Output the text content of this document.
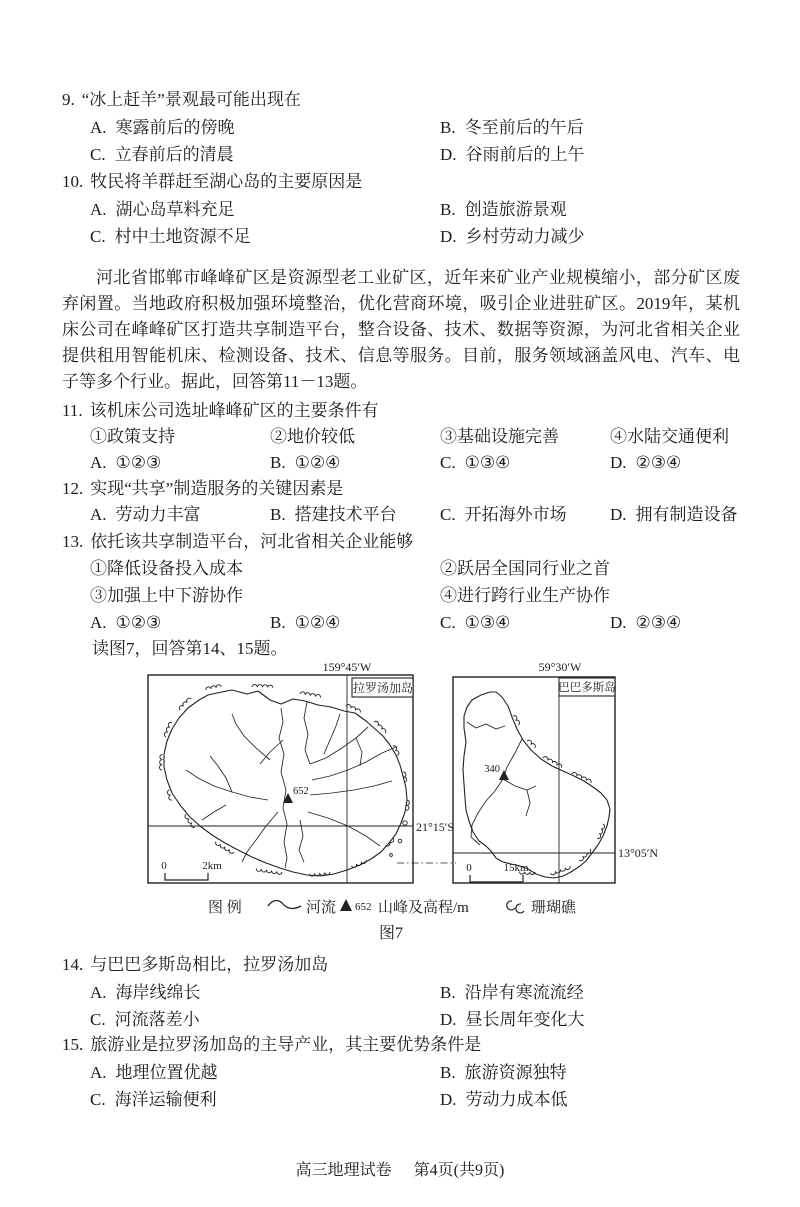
9. “冰上赶羊”景观最可能出现在
A. 寒露前后的傍晚	B. 冬至前后的午后
C. 立春前后的清晨	D. 谷雨前后的上午
10. 牧民将羊群赶至湖心岛的主要原因是
A. 湖心岛草料充足	B. 创造旅游景观
C. 村中土地资源不足	D. 乡村劳动力减少

河北省邯郸市峰峰矿区是资源型老工业矿区，近年来矿业产业规模缩小，部分矿区废弃闲置。当地政府积极加强环境整治，优化营商环境，吸引企业进驻矿区。2019年，某机床公司在峰峰矿区打造共享制造平台，整合设备、技术、数据等资源，为河北省相关企业提供租用智能机床、检测设备、技术、信息等服务。目前，服务领域涵盖风电、汽车、电子等多个行业。据此，回答第11－13题。

11. 该机床公司选址峰峰矿区的主要条件有
①政策支持	②地价较低	③基础设施完善	④水陆交通便利
A. ①②③	B. ①②④	C. ①③④	D. ②③④
12. 实现“共享”制造服务的关键因素是
A. 劳动力丰富	B. 搭建技术平台	C. 开拓海外市场	D. 拥有制造设备
13. 依托该共享制造平台，河北省相关企业能够
①降低设备投入成本	②跃居全国同行业之首
③加强上中下游协作	④进行跨行业生产协作
A. ①②③	B. ①②④	C. ①③④	D. ②③④
读图7，回答第14、15题。
159°45′W
拉罗汤加岛
21°15′S
652
0	2km
59°30′W
巴巴多斯岛
13°05′N
340
0	15km
图 例	河流 652 山峰及高程/m	珊瑚礁
图7
14. 与巴巴多斯岛相比，拉罗汤加岛
A. 海岸线绵长	B. 沿岸有寒流流经
C. 河流落差小	D. 昼长周年变化大
15. 旅游业是拉罗汤加岛的主导产业，其主要优势条件是
A. 地理位置优越	B. 旅游资源独特
C. 海洋运输便利	D. 劳动力成本低
高三地理试卷 第4页(共9页)
